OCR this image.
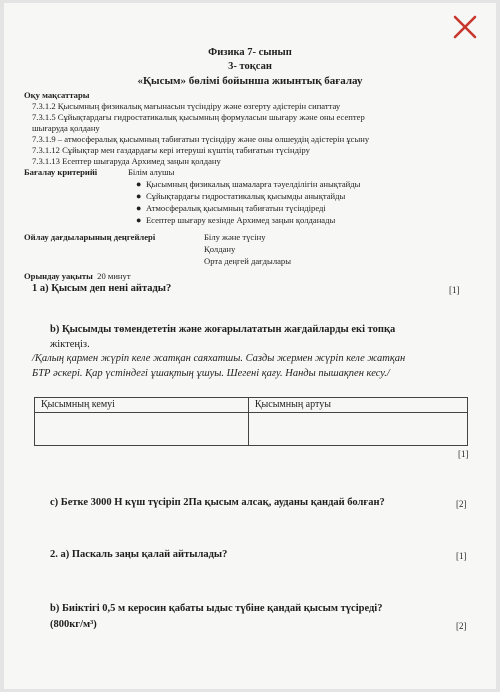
Физика 7- сынып
3- тоқсан
«Қысым» бөлімі бойынша жиынтық бағалау
Оқу мақсаттары
7.3.1.2 Қысымның физикалық мағынасын түсіндіру және өзгерту әдістерін сипаттау
7.3.1.5 Сұйықтардағы гидростатикалық қысымның формуласын шығару және оны есептер
шығаруда қолдану
7.3.1.9 – атмосфералық қысымның табиғатын түсіндіру және оны өлшеудің әдістерін ұсыну
7.3.1.12 Сұйықтар мен газдардағы кері итеруші күштің табиғатын түсіндіру
7.3.1.13 Есептер шығаруда Архимед заңын қолдану
Бағалау критерийі	Білім алушы
●  Қысымның физикалық шамаларға тәуелділігін анықтайды
●  Сұйықтардағы гидростатикалық қысымды анықтайды
●  Атмосфералық қысымның табиғатын түсіндіреді
●  Есептер шығару кезінде Архимед заңын қолданады
Ойлау дағдыларының деңгейлері	Білу және түсіну
Қолдану
Орта деңгей дағдылары
Орындау уақыты 20 минут
1 а) Қысым деп нені айтады?	[1]
b) Қысымды төмендететін және жоғарылататын жағдайларды екі топқа
жіктеңіз.
/Қалың қармен жүріп келе жатқан саяхатшы. Сазды жермен жүріп келе жатқан
БТР әскері. Қар үстіндегі ұшақтың ұшуы. Шегені қағу. Нанды пышақпен кесу./
Қысымның кемуі	Қысымның артуы

[1]
c) Бетке 3000 Н күш түсіріп 2Па қысым алсақ, ауданы қандай болған?	[2]
2. а) Паскаль заңы қалай айтылады?	[1]
b) Биіктігі 0,5 м керосин қабаты ыдыс түбіне қандай қысым түсіреді?
(800кг/м³)	[2]
